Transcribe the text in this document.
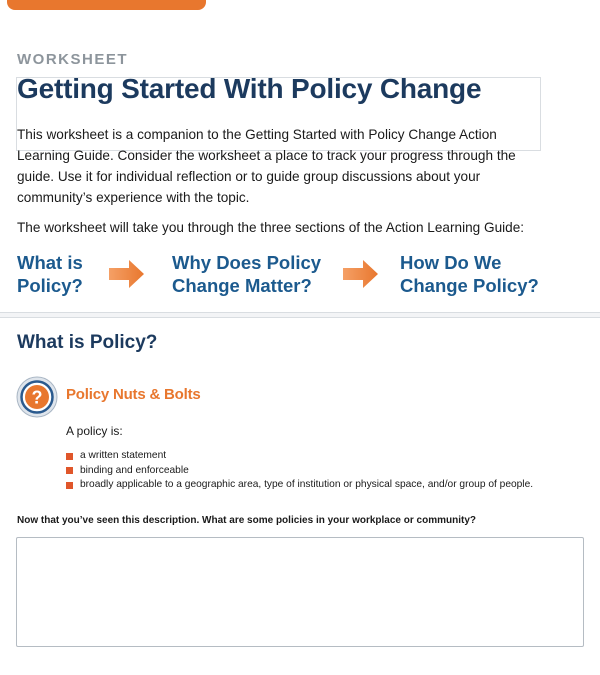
WORKSHEET
Getting Started With Policy Change
This worksheet is a companion to the Getting Started with Policy Change Action Learning Guide. Consider the worksheet a place to track your progress through the guide. Use it for individual reflection or to guide group discussions about your community’s experience with the topic.
The worksheet will take you through the three sections of the Action Learning Guide:
What is
Policy?
Why Does Policy
Change Matter?
How Do We
Change Policy?
What is Policy?
? Policy Nuts & Bolts
A policy is:
a written statement
binding and enforceable
broadly applicable to a geographic area, type of institution or physical space, and/or group of people.
Now that you’ve seen this description. What are some policies in your workplace or community?
